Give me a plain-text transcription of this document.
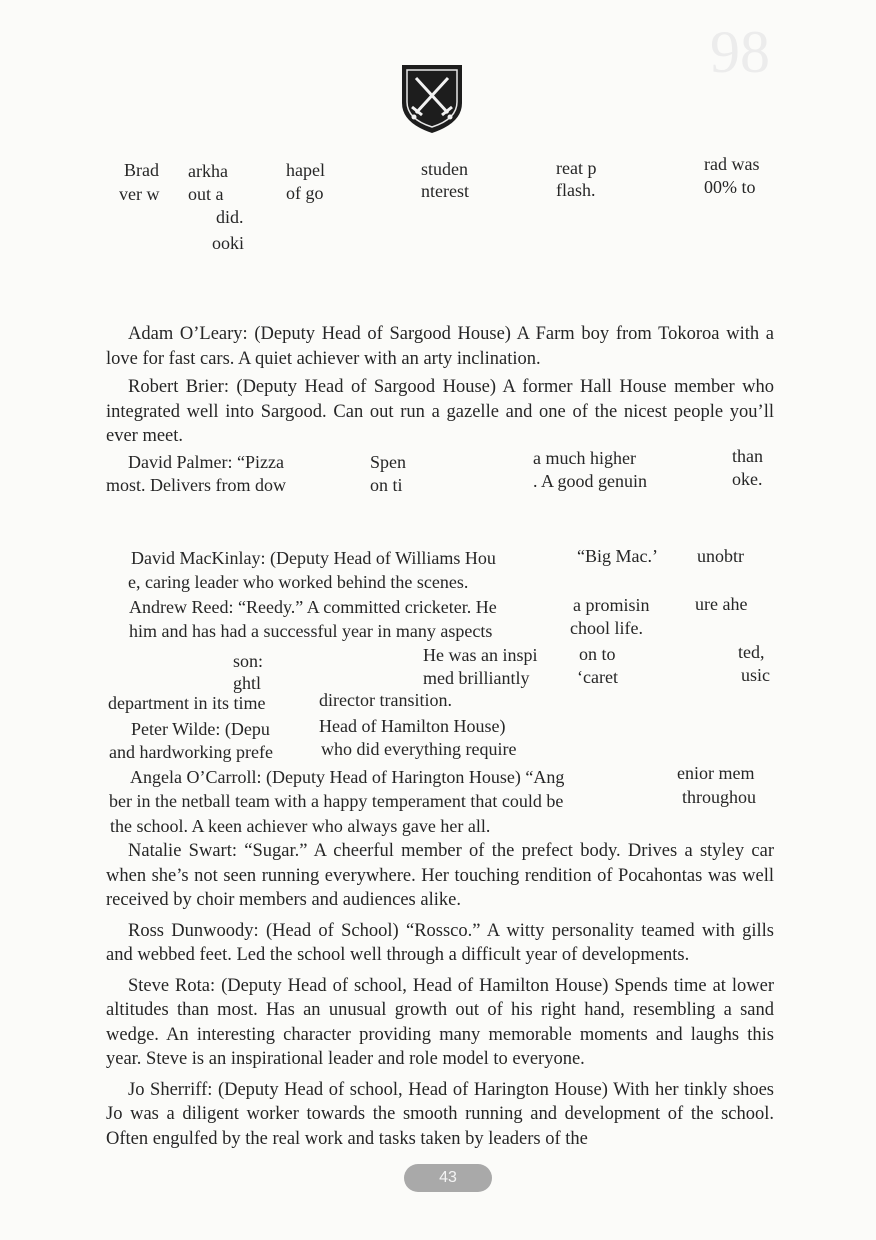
98
Brad arkha	hapel	studen	reat p	rad was
ver w out a	of go	nterest	flash.	00% to
did.
ooki

Adam O’Leary: (Deputy Head of Sargood House) A Farm boy from Tokoroa with a love for fast cars. A quiet achiever with an arty inclination.

Robert Brier: (Deputy Head of Sargood House) A former Hall House member who integrated well into Sargood. Can out run a gazelle and one of the nicest people you’ll ever meet.

David Palmer: “Pizza	Spen	a much higher	than
most. Delivers from dow	on ti	. A good genuin	oke.
David MacKinlay: (Deputy Head of Williams Hou	“Big Mac.’ unobtr
e, caring leader who worked behind the scenes.
Andrew Reed: “Reedy.” A committed cricketer. He	a promisin	ure ahe
him and has had a successful year in many aspects	chool life.
son:	He was an inspi on to	ted,
ghtl	med brilliantly	‘caret	usic
department in its time	director transition.
Peter Wilde: (Depu	Head of Hamilton House)
and hardworking prefe	who did everything require
Angela O’Carroll: (Deputy Head of Harington House) “Ang	enior mem
ber in the netball team with a happy temperament that could be	throughou
the school. A keen achiever who always gave her all.

Natalie Swart: “Sugar.” A cheerful member of the prefect body. Drives a styley car when she’s not seen running everywhere. Her touching rendition of Pocahontas was well received by choir members and audiences alike.

Ross Dunwoody: (Head of School) “Rossco.” A witty personality teamed with gills and webbed feet. Led the school well through a difficult year of developments.

Steve Rota: (Deputy Head of school, Head of Hamilton House) Spends time at lower altitudes than most. Has an unusual growth out of his right hand, resembling a sand wedge. An interesting character providing many memorable moments and laughs this year. Steve is an inspirational leader and role model to everyone.

Jo Sherriff: (Deputy Head of school, Head of Harington House) With her tinkly shoes Jo was a diligent worker towards the smooth running and development of the school. Often engulfed by the real work and tasks taken by leaders of the

43
